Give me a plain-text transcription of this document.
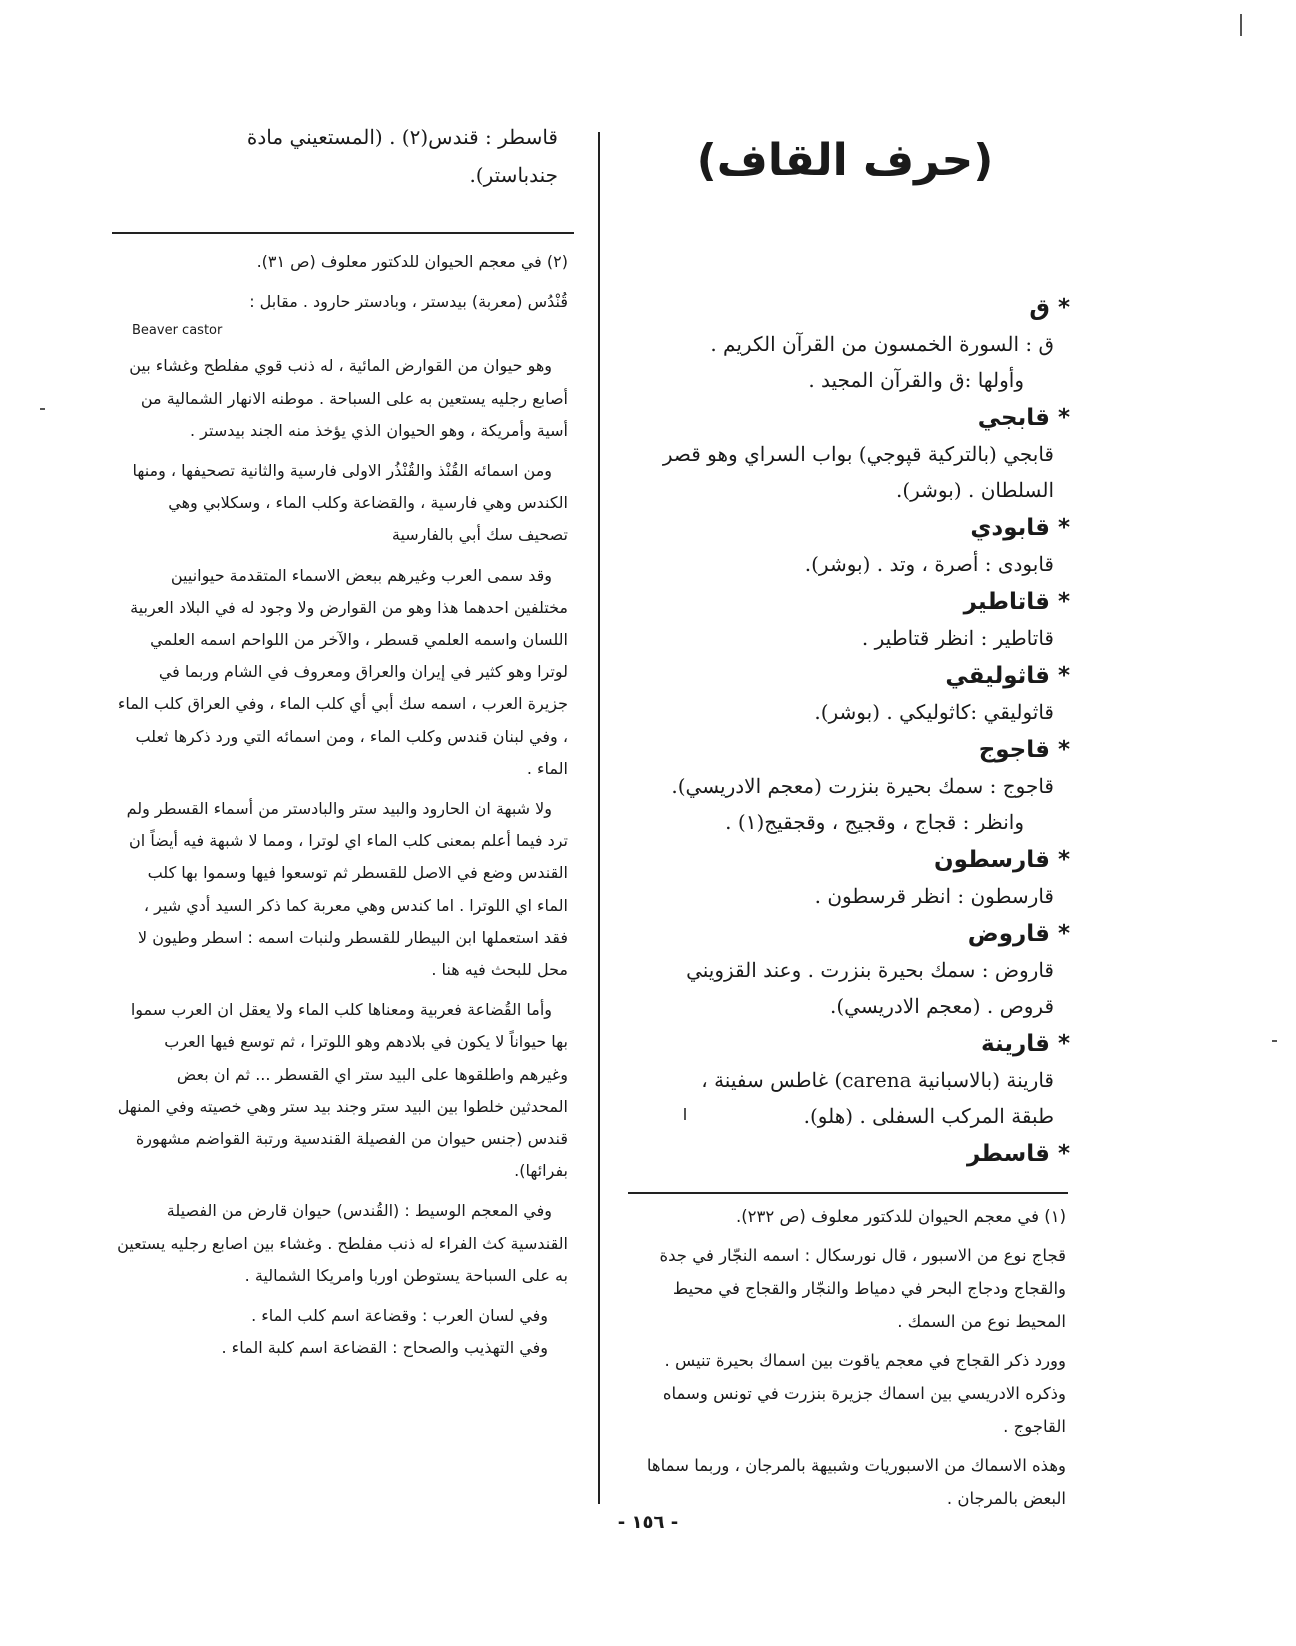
(حرف القاف)
* ق
ق : السورة الخمسون من القرآن الكريم .
وأولها :ق والقرآن المجيد .
* قابجي
قابجي (بالتركية قپوجي) بواب السراي وهو قصر
السلطان . (بوشر).
* قابودي
قابودى : أصرة ، وتد . (بوشر).
* قاتاطير
قاتاطير : انظر قتاطير .
* قاثوليقي
قاثوليقي :كاثوليكي . (بوشر).
* قاجوج
قاجوج : سمك بحيرة بنزرت (معجم الادريسي).
وانظر : قجاج ، وقجيج ، وقجقيج(١) .
* قارسطون
قارسطون : انظر قرسطون .
* قاروض
قاروض : سمك بحيرة بنزرت . وعند القزويني
قروص . (معجم الادريسي).
* قارينة
قارينة (بالاسبانية carena) غاطس سفينة ،
طبقة المركب السفلى . (هلو).
* قاسطر

(١) في معجم الحيوان للدكتور معلوف (ص ٢٣٢).

قجاج نوع من الاسبور ، قال نورسكال : اسمه النجّار في جدة والقجاج ودجاج البحر في دمياط والنجّار والقجاج في محيط المحيط نوع من السمك .

وورد ذكر القجاج في معجم ياقوت بين اسماك بحيرة تنيس . وذكره الادريسي بين اسماك جزيرة بنزرت في تونس وسماه القاجوج .

وهذه الاسماك من الاسبوريات وشبيهة بالمرجان ، وربما سماها البعض بالمرجان .

قاسطر : قندس(٢) . (المستعيني مادة
جندباستر).

(٢) في معجم الحيوان للدكتور معلوف (ص ٣١).

قُنْدُس (معربة) بيدستر ، وبادستر حارود . مقابل :

Beaver castor

وهو حيوان من القوارض المائية ، له ذنب قوي مفلطح وغشاء بين أصابع رجليه يستعين به على السباحة . موطنه الانهار الشمالية من أسية وأمريكة ، وهو الحيوان الذي يؤخذ منه الجند بيدستر .

ومن اسمائه القُنْذ والقُنْذُر الاولى فارسية والثانية تصحيفها ، ومنها الكندس وهي فارسية ، والقضاعة وكلب الماء ، وسكلابي وهي تصحيف سك أبي بالفارسية

وقد سمى العرب وغيرهم ببعض الاسماء المتقدمة حيوانيين مختلفين احدهما هذا وهو من القوارض ولا وجود له في البلاد العربية اللسان واسمه العلمي قسطر ، والآخر من اللواحم اسمه العلمي لوترا وهو كثير في إيران والعراق ومعروف في الشام وربما في جزيرة العرب ، اسمه سك أبي أي كلب الماء ، وفي العراق كلب الماء ، وفي لبنان قندس وكلب الماء ، ومن اسمائه التي ورد ذكرها ثعلب الماء .

ولا شبهة ان الحارود والبيد ستر والبادستر من أسماء القسطر ولم ترد فيما أعلم بمعنى كلب الماء اي لوترا ، ومما لا شبهة فيه أيضاً ان القندس وضع في الاصل للقسطر ثم توسعوا فيها وسموا بها كلب الماء اي اللوترا . اما كندس وهي معربة كما ذكر السيد أدي شير ، فقد استعملها ابن البيطار للقسطر ولنبات اسمه : اسطر وطيون لا محل للبحث فيه هنا .

وأما القُضاعة فعربية ومعناها كلب الماء ولا يعقل ان العرب سموا بها حيواناً لا يكون في بلادهم وهو اللوترا ، ثم توسع فيها العرب وغيرهم واطلقوها على البيد ستر اي القسطر ... ثم ان بعض المحدثين خلطوا بين البيد ستر وجند بيد ستر وهي خصيته وفي المنهل قندس (جنس حيوان من الفصيلة القندسية ورتبة القواضم مشهورة بفرائها).

وفي المعجم الوسيط : (القُندس) حيوان قارض من الفصيلة القندسية كث الفراء له ذنب مفلطح . وغشاء بين اصابع رجليه يستعين به على السباحة يستوطن اوربا وامريكا الشمالية .

وفي لسان العرب : وقضاعة اسم كلب الماء .

وفي التهذيب والصحاح : القضاعة اسم كلبة الماء .

- ١٥٦ -
